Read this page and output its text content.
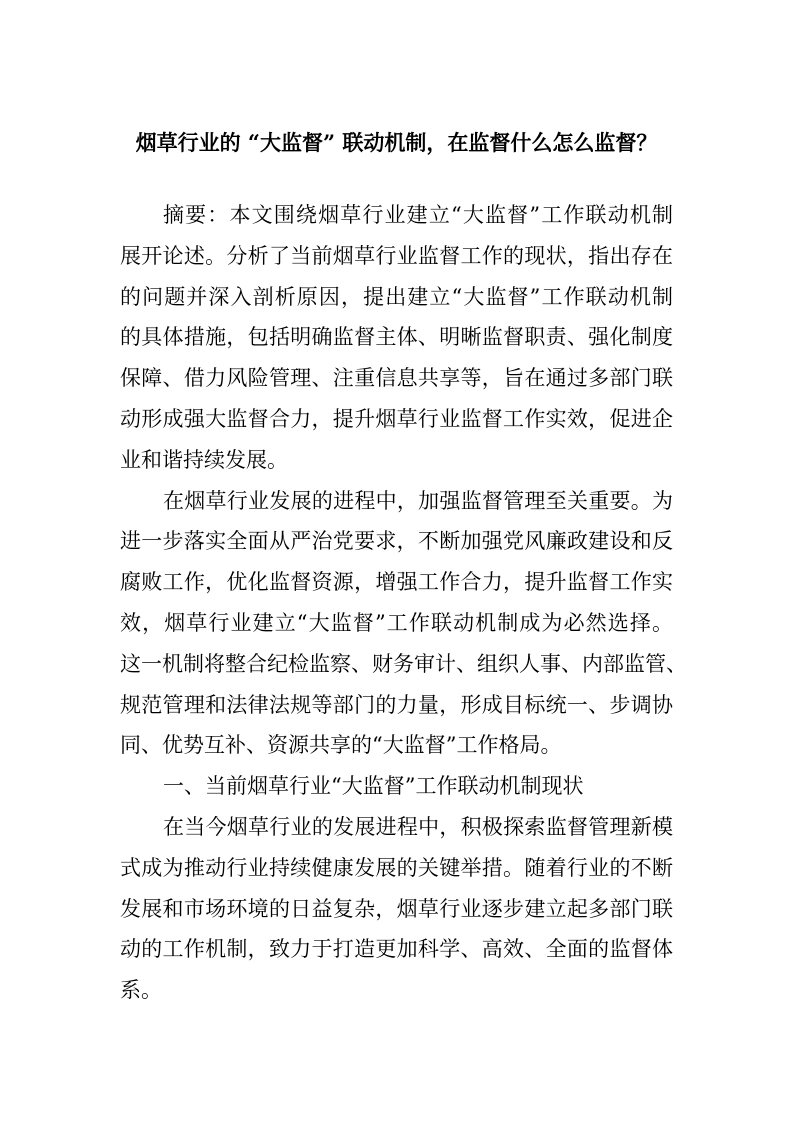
烟草行业的 “大监督” 联动机制，在监督什么怎么监督？
摘要：本文围绕烟草行业建立“大监督”工作联动机制
展开论述。分析了当前烟草行业监督工作的现状，指出存在
的问题并深入剖析原因，提出建立“大监督”工作联动机制
的具体措施，包括明确监督主体、明晰监督职责、强化制度
保障、借力风险管理、注重信息共享等，旨在通过多部门联
动形成强大监督合力，提升烟草行业监督工作实效，促进企
业和谐持续发展。
在烟草行业发展的进程中，加强监督管理至关重要。为
进一步落实全面从严治党要求，不断加强党风廉政建设和反
腐败工作，优化监督资源，增强工作合力，提升监督工作实
效，烟草行业建立“大监督”工作联动机制成为必然选择。
这一机制将整合纪检监察、财务审计、组织人事、内部监管、
规范管理和法律法规等部门的力量，形成目标统一、步调协
同、优势互补、资源共享的“大监督”工作格局。
一、当前烟草行业“大监督”工作联动机制现状
在当今烟草行业的发展进程中，积极探索监督管理新模
式成为推动行业持续健康发展的关键举措。随着行业的不断
发展和市场环境的日益复杂，烟草行业逐步建立起多部门联
动的工作机制，致力于打造更加科学、高效、全面的监督体
系。
